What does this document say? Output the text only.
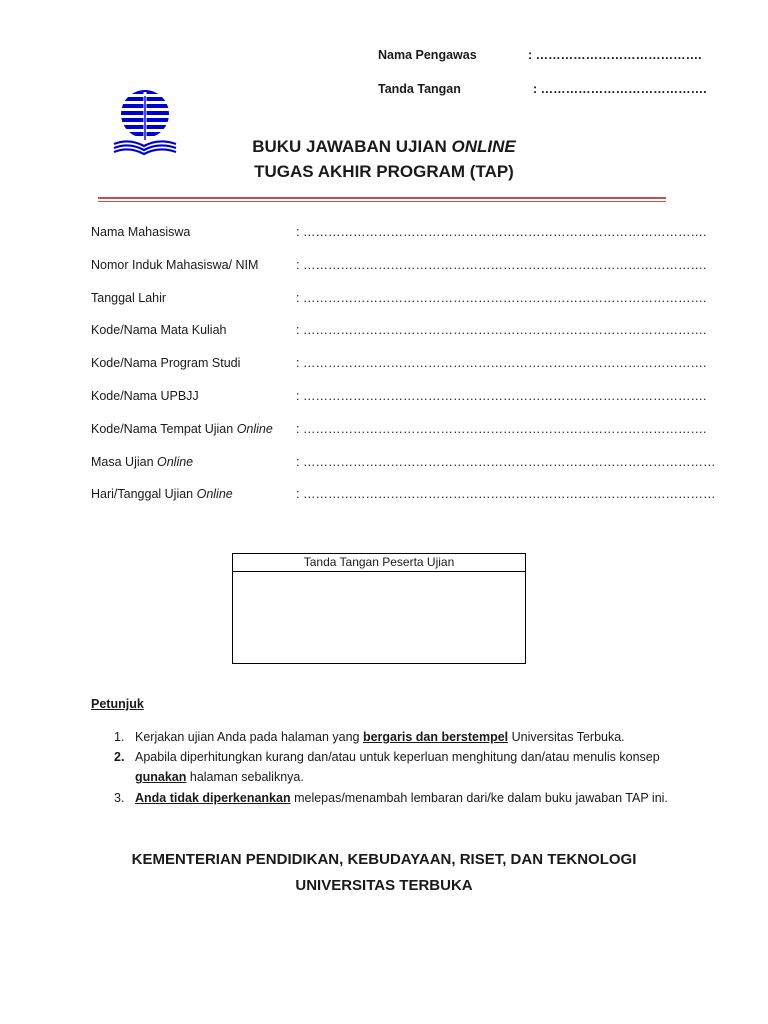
Nama Pengawas	: ………………………………….
Tanda Tangan	: ………………………………….
BUKU JAWABAN UJIAN ONLINE
TUGAS AKHIR PROGRAM (TAP)
Nama Mahasiswa	: …………………………………………………………………………………….
Nomor Induk Mahasiswa/ NIM	: …………………………………………………………………………………….
Tanggal Lahir	: …………………………………………………………………………………….
Kode/Nama Mata Kuliah	: …………………………………………………………………………………….
Kode/Nama Program Studi	: …………………………………………………………………………………….
Kode/Nama UPBJJ	: …………………………………………………………………………………….
Kode/Nama Tempat Ujian Online : …………………………………………………………………………………….
Masa Ujian Online	: ………………………………………………………………………………………
Hari/Tanggal Ujian Online	: ………………………………………………………………………………………
Tanda Tangan Peserta Ujian
Petunjuk
1. Kerjakan ujian Anda pada halaman yang bergaris dan berstempel Universitas Terbuka.
2. Apabila diperhitungkan kurang dan/atau untuk keperluan menghitung dan/atau menulis konsep
gunakan halaman sebaliknya.
3. Anda tidak diperkenankan melepas/menambah lembaran dari/ke dalam buku jawaban TAP ini.
KEMENTERIAN PENDIDIKAN, KEBUDAYAAN, RISET, DAN TEKNOLOGI
UNIVERSITAS TERBUKA
